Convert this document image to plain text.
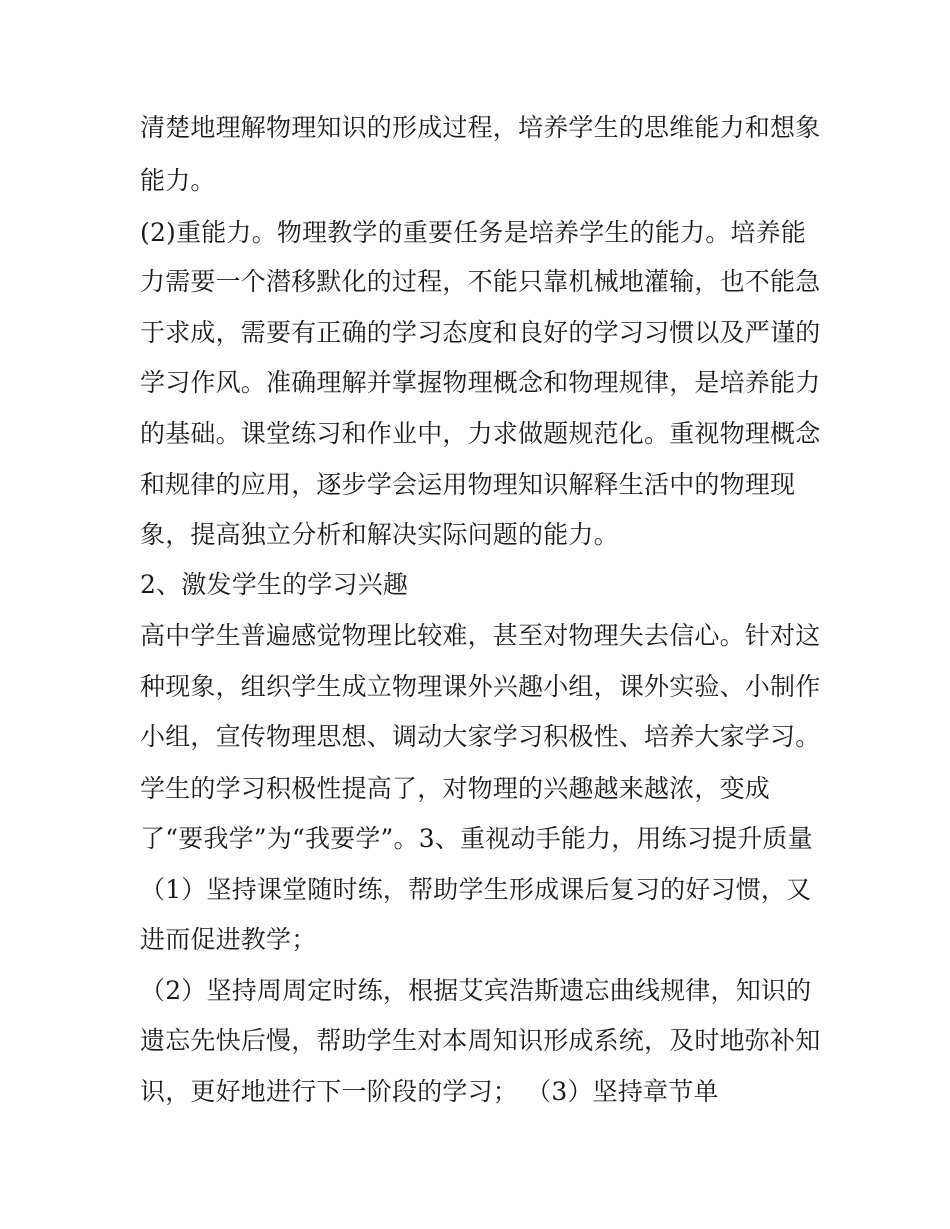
清楚地理解物理知识的形成过程，培养学生的思维能力和想象
能力。
(2)重能力。物理教学的重要任务是培养学生的能力。培养能
力需要一个潜移默化的过程，不能只靠机械地灌输，也不能急
于求成，需要有正确的学习态度和良好的学习习惯以及严谨的
学习作风。准确理解并掌握物理概念和物理规律，是培养能力
的基础。课堂练习和作业中，力求做题规范化。重视物理概念
和规律的应用，逐步学会运用物理知识解释生活中的物理现
象，提高独立分析和解决实际问题的能力。
2、激发学生的学习兴趣
高中学生普遍感觉物理比较难，甚至对物理失去信心。针对这
种现象，组织学生成立物理课外兴趣小组，课外实验、小制作
小组，宣传物理思想、调动大家学习积极性、培养大家学习。
学生的学习积极性提高了，对物理的兴趣越来越浓，变成
了“要我学”为“我要学”。3、重视动手能力，用练习提升质量
（1）坚持课堂随时练，帮助学生形成课后复习的好习惯，又
进而促进教学；
（2）坚持周周定时练，根据艾宾浩斯遗忘曲线规律，知识的
遗忘先快后慢，帮助学生对本周知识形成系统，及时地弥补知
识，更好地进行下一阶段的学习； （3）坚持章节单
